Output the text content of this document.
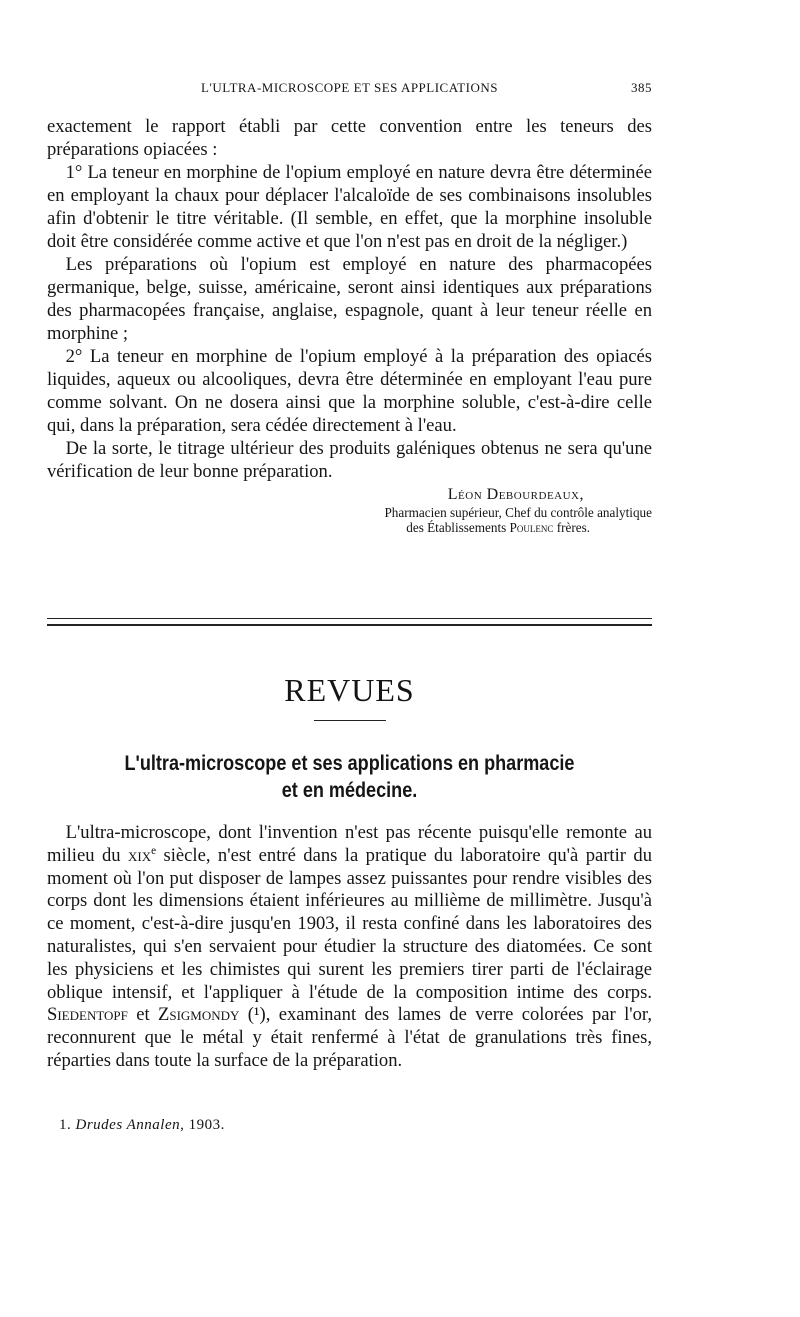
L'ULTRA-MICROSCOPE ET SES APPLICATIONS	385

exactement le rapport établi par cette convention entre les teneurs des préparations opiacées :

1° La teneur en morphine de l'opium employé en nature devra être déterminée en employant la chaux pour déplacer l'alcaloïde de ses combinaisons insolubles afin d'obtenir le titre véritable. (Il semble, en effet, que la morphine insoluble doit être considérée comme active et que l'on n'est pas en droit de la négliger.)

Les préparations où l'opium est employé en nature des pharmacopées germanique, belge, suisse, américaine, seront ainsi identiques aux préparations des pharmacopées française, anglaise, espagnole, quant à leur teneur réelle en morphine ;

2° La teneur en morphine de l'opium employé à la préparation des opiacés liquides, aqueux ou alcooliques, devra être déterminée en employant l'eau pure comme solvant. On ne dosera ainsi que la morphine soluble, c'est-à-dire celle qui, dans la préparation, sera cédée directement à l'eau.

De la sorte, le titrage ultérieur des produits galéniques obtenus ne sera qu'une vérification de leur bonne préparation.

Léon Debourdeaux,
Pharmacien supérieur, Chef du contrôle analytique
des Établissements Poulenc frères.
REVUES
L'ultra-microscope et ses applications en pharmacie
et en médecine.

L'ultra-microscope, dont l'invention n'est pas récente puisqu'elle remonte au milieu du xix$^e$ siècle, n'est entré dans la pratique du laboratoire qu'à partir du moment où l'on put disposer de lampes assez puissantes pour rendre visibles des corps dont les dimensions étaient inférieures au millième de millimètre. Jusqu'à ce moment, c'est-à-dire jusqu'en 1903, il resta confiné dans les laboratoires des naturalistes, qui s'en servaient pour étudier la structure des diatomées. Ce sont les physiciens et les chimistes qui surent les premiers tirer parti de l'éclairage oblique intensif, et l'appliquer à l'étude de la composition intime des corps. Siedentopf et Zsigmondy (¹), examinant des lames de verre colorées par l'or, reconnurent que le métal y était renfermé à l'état de granulations très fines, réparties dans toute la surface de la préparation.

1. Drudes Annalen, 1903.
